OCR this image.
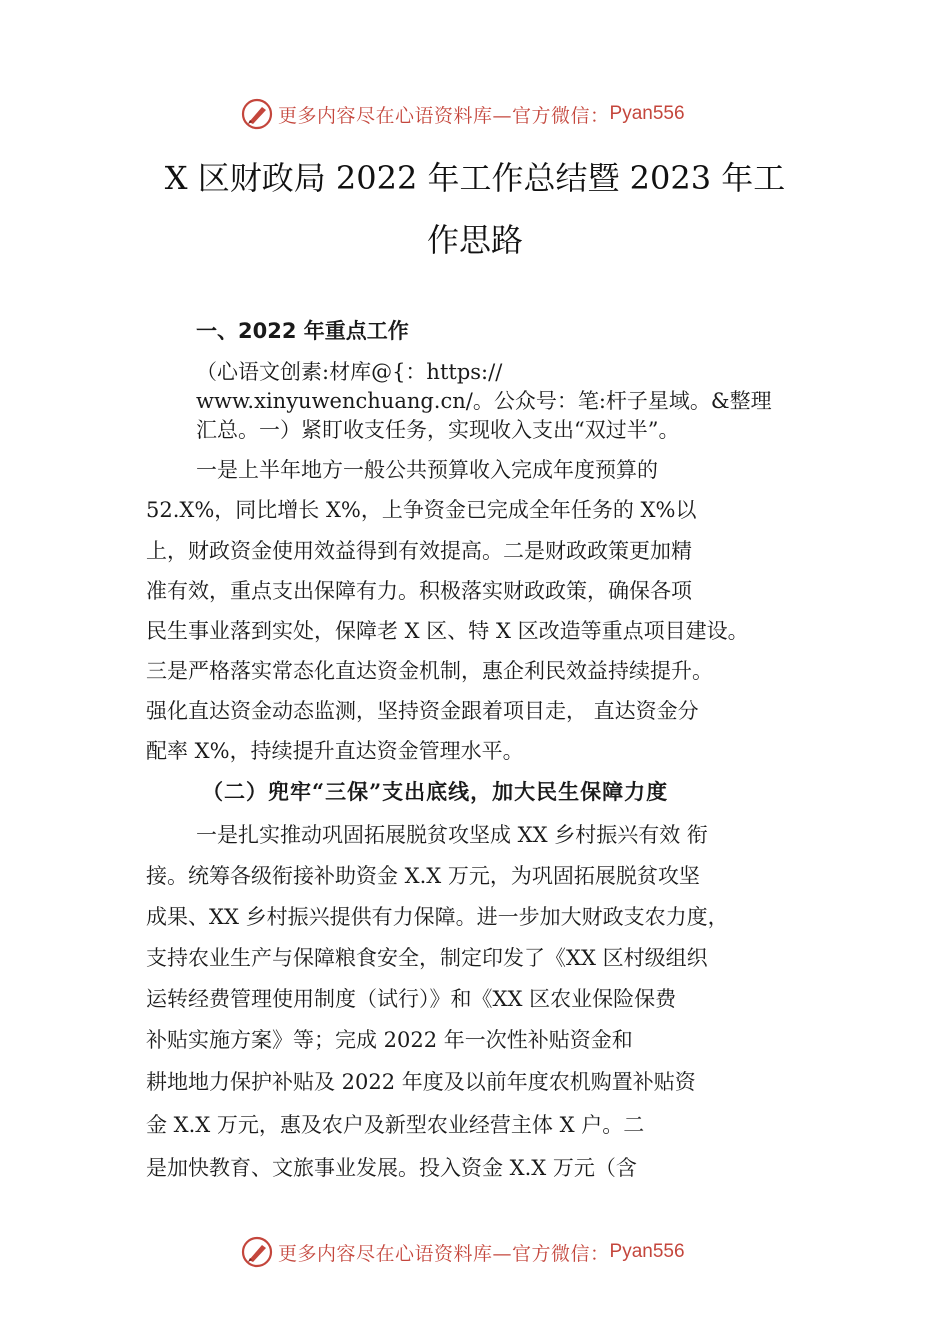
更多内容尽在心语资料库—官方微信： Pyan556
X 区财政局 2022 年工作总结暨 2023 年工
作思路
一、2022 年重点工作
（心语文创素:材库@{：https://
www.xinyuwenchuang.cn/。公众号：笔:杆子星域。&整理
汇总。一）紧盯收支任务，实现收入支出“双过半”。
一是上半年地方一般公共预算收入完成年度预算的
52.X%，同比增长 X%，上争资金已完成全年任务的 X%以
上，财政资金使用效益得到有效提高。二是财政政策更加精
准有效，重点支出保障有力。积极落实财政政策，确保各项
民生事业落到实处，保障老 X 区、特 X 区改造等重点项目建设。
三是严格落实常态化直达资金机制，惠企利民效益持续提升。
强化直达资金动态监测，坚持资金跟着项目走， 直达资金分
配率 X%，持续提升直达资金管理水平。
（二）兜牢“三保”支出底线，加大民生保障力度
一是扎实推动巩固拓展脱贫攻坚成 XX 乡村振兴有效 衔
接。统筹各级衔接补助资金 X.X 万元，为巩固拓展脱贫攻坚
成果、XX 乡村振兴提供有力保障。进一步加大财政支农力度，
支持农业生产与保障粮食安全，制定印发了《XX 区村级组织
运转经费管理使用制度（试行）》和《XX 区农业保险保费
补贴实施方案》等；完成 2022 年一次性补贴资金和
耕地地力保护补贴及 2022 年度及以前年度农机购置补贴资
金 X.X 万元，惠及农户及新型农业经营主体 X 户。二
是加快教育、文旅事业发展。投入资金 X.X 万元（含
更多内容尽在心语资料库—官方微信： Pyan556
